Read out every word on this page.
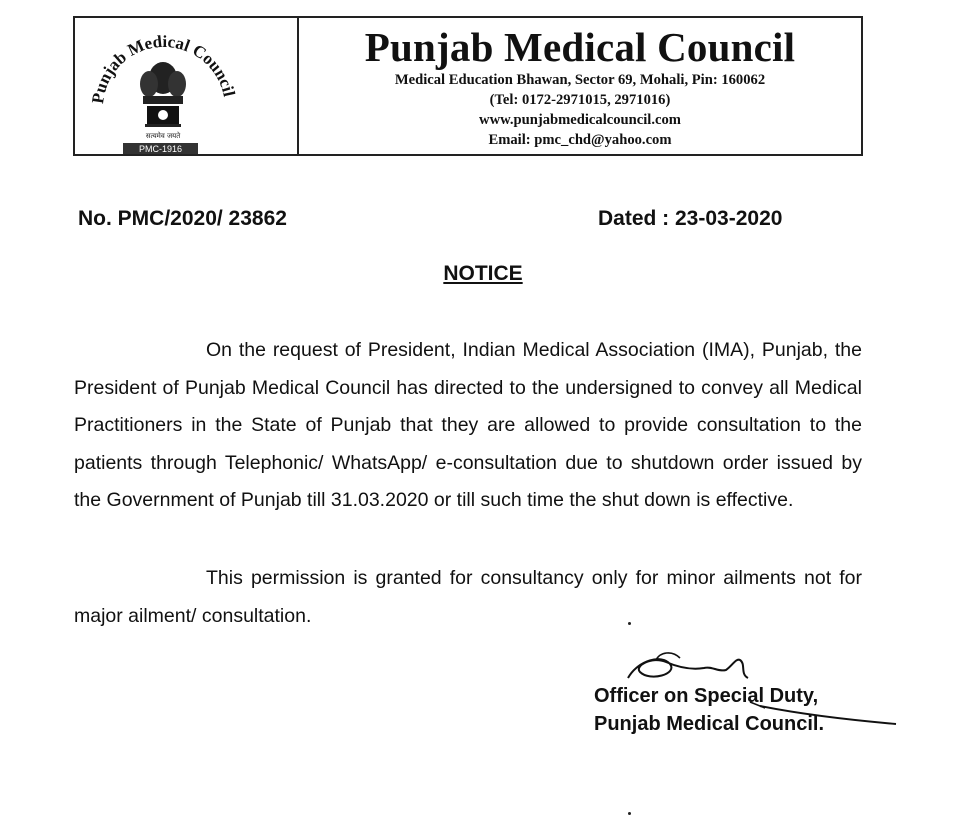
Punjab Medical Council
सत्यमेव जयते
PMC-1916
Punjab Medical Council
Medical Education Bhawan, Sector 69, Mohali, Pin: 160062
(Tel: 0172-2971015, 2971016)
www.punjabmedicalcouncil.com
Email: pmc_chd@yahoo.com
No. PMC/2020/ 23862	Dated : 23-03-2020
NOTICE

On the request of President, Indian Medical Association (IMA), Punjab, the President of Punjab Medical Council has directed to the undersigned to convey all Medical Practitioners in the State of Punjab that they are allowed to provide consultation to the patients through Telephonic/ WhatsApp/ e-consultation due to shutdown order issued by the Government of Punjab till 31.03.2020 or till such time the shut down is effective.

This permission is granted for consultancy only for minor ailments not for major ailment/ consultation.

Officer on Special Duty,
Punjab Medical Council.
